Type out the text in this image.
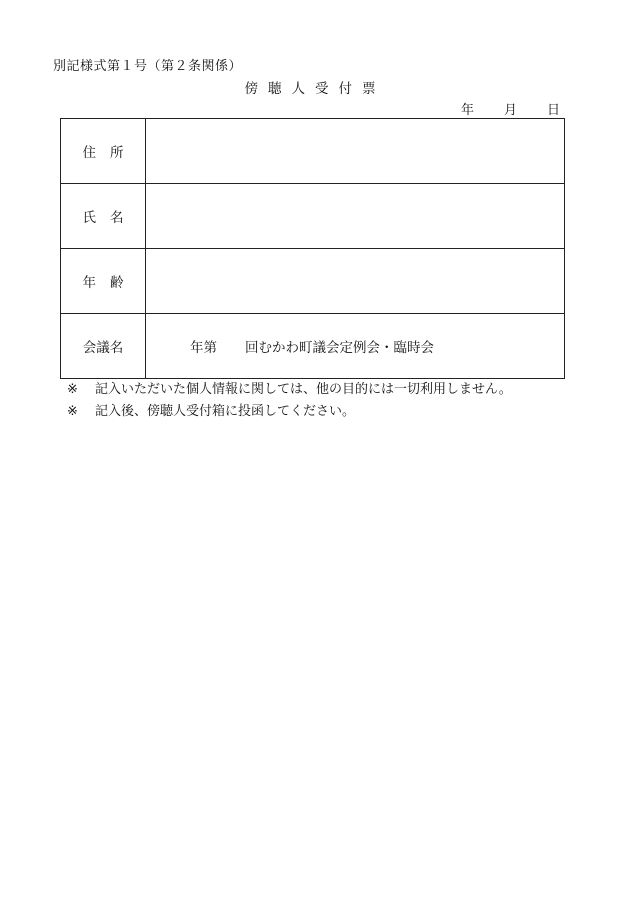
別記様式第１号（第２条関係）
傍聴人受付票
年 月 日
住所	
氏名	
年齢	
会議名	年第 回むかわ町議会定例会・臨時会
※ 記入いただいた個人情報に関しては、他の目的には一切利用しません。
※ 記入後、傍聴人受付箱に投函してください。
